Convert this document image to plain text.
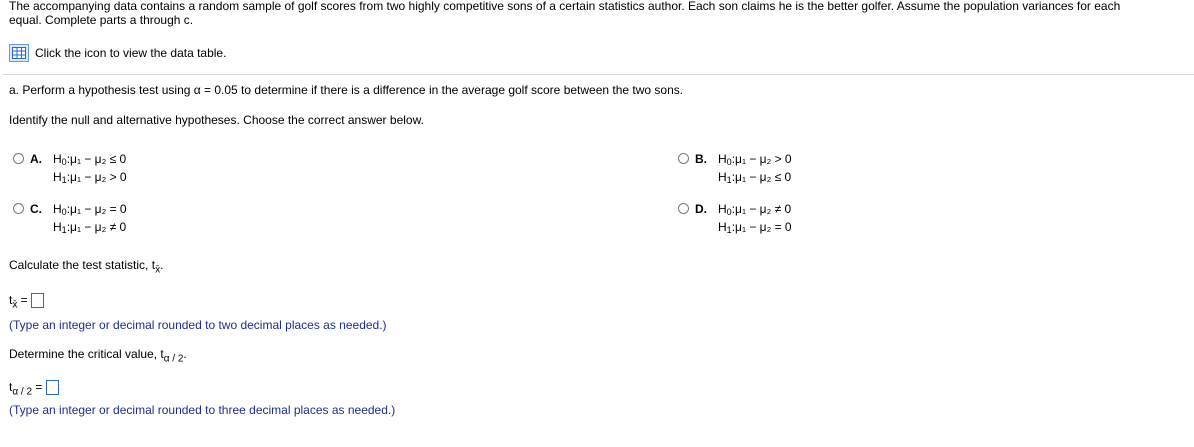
The accompanying data contains a random sample of golf scores from two highly competitive sons of a certain statistics author. Each son claims he is the better golfer. Assume the population variances for each
equal. Complete parts a through c.
Click the icon to view the data table.
a. Perform a hypothesis test using α = 0.05 to determine if there is a difference in the average golf score between the two sons.
Identify the null and alternative hypotheses. Choose the correct answer below.
A. $H_0:\mu_1 - \mu_2 \le 0$
$H_1:\mu_1 - \mu_2 > 0$
B. $H_0:\mu_1 - \mu_2 > 0$
$H_1:\mu_1 - \mu_2 \le 0$
C. $H_0:\mu_1 - \mu_2 = 0$
$H_1:\mu_1 - \mu_2 \ne 0$
D. $H_0:\mu_1 - \mu_2 \ne 0$
$H_1:\mu_1 - \mu_2 = 0$
Calculate the test statistic, $t_{x̄}$.
$t_{x̄}$ =
(Type an integer or decimal rounded to two decimal places as needed.)
Determine the critical value, $t_{\alpha / 2}$.
$t_{\alpha / 2}$ =
(Type an integer or decimal rounded to three decimal places as needed.)
